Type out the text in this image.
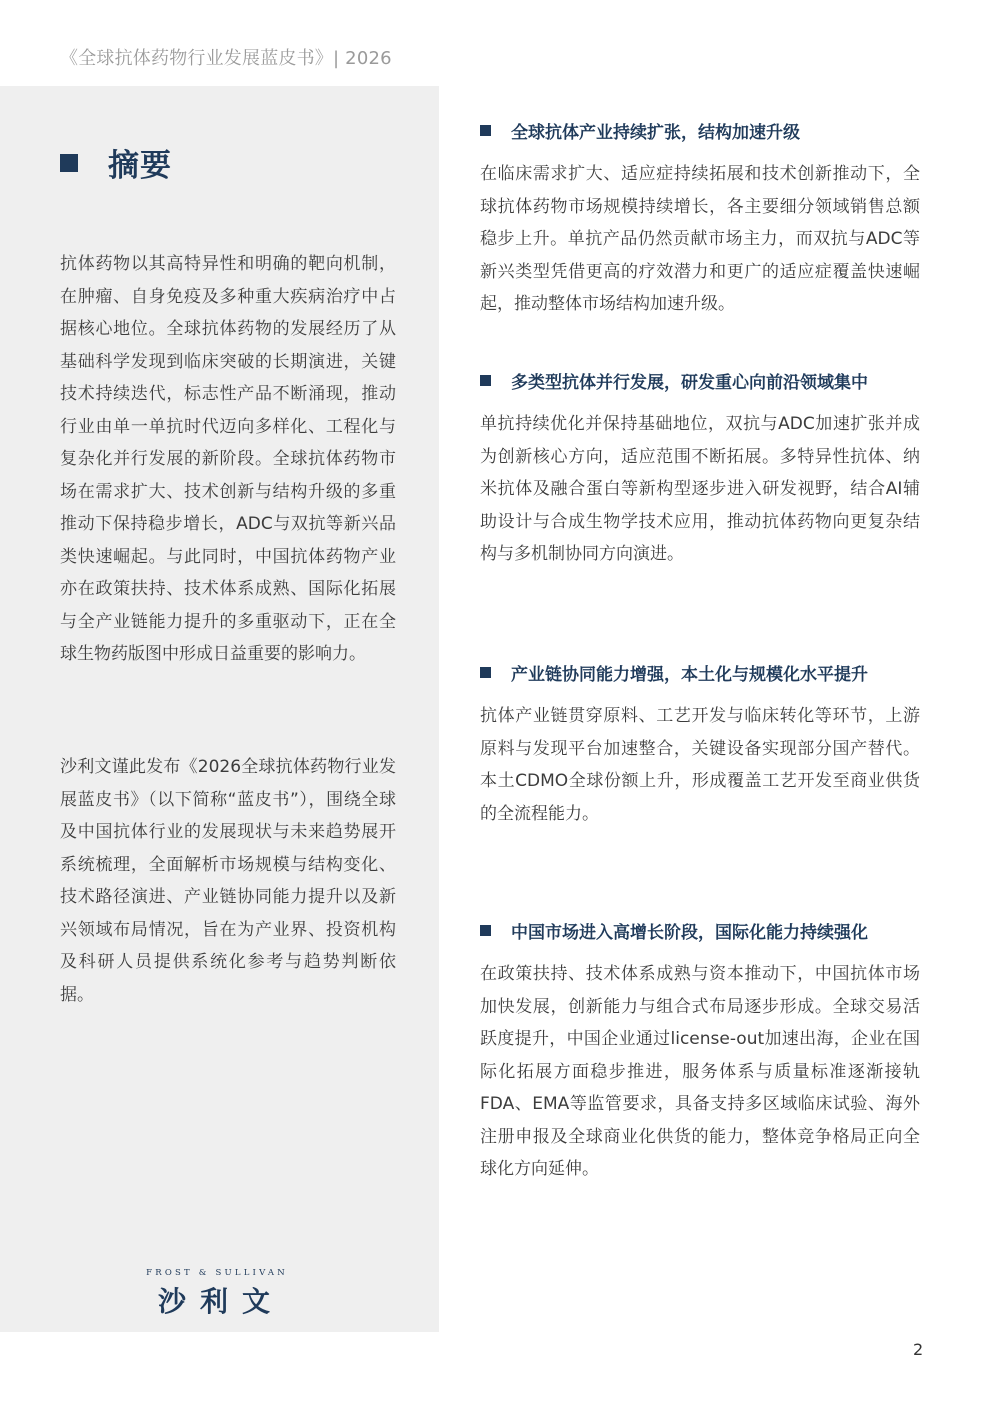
《全球抗体药物行业发展蓝皮书》| 2026
摘要
抗体药物以其高特异性和明确的靶向机制，在肿瘤、自身免疫及多种重大疾病治疗中占据核心地位。全球抗体药物的发展经历了从基础科学发现到临床突破的长期演进，关键技术持续迭代，标志性产品不断涌现，推动行业由单一单抗时代迈向多样化、工程化与复杂化并行发展的新阶段。全球抗体药物市场在需求扩大、技术创新与结构升级的多重推动下保持稳步增长，ADC与双抗等新兴品类快速崛起。与此同时，中国抗体药物产业亦在政策扶持、技术体系成熟、国际化拓展与全产业链能力提升的多重驱动下，正在全球生物药版图中形成日益重要的影响力。
沙利文谨此发布《2026全球抗体药物行业发展蓝皮书》（以下简称“蓝皮书”），围绕全球及中国抗体行业的发展现状与未来趋势展开系统梳理，全面解析市场规模与结构变化、技术路径演进、产业链协同能力提升以及新兴领域布局情况，旨在为产业界、投资机构及科研人员提供系统化参考与趋势判断依据。
FROST & SULLIVAN
沙利文
全球抗体产业持续扩张，结构加速升级
在临床需求扩大、适应症持续拓展和技术创新推动下，全球抗体药物市场规模持续增长，各主要细分领域销售总额稳步上升。单抗产品仍然贡献市场主力，而双抗与ADC等新兴类型凭借更高的疗效潜力和更广的适应症覆盖快速崛起，推动整体市场结构加速升级。
多类型抗体并行发展，研发重心向前沿领域集中
单抗持续优化并保持基础地位，双抗与ADC加速扩张并成为创新核心方向，适应范围不断拓展。多特异性抗体、纳米抗体及融合蛋白等新构型逐步进入研发视野，结合AI辅助设计与合成生物学技术应用，推动抗体药物向更复杂结构与多机制协同方向演进。
产业链协同能力增强，本土化与规模化水平提升
抗体产业链贯穿原料、工艺开发与临床转化等环节，上游原料与发现平台加速整合，关键设备实现部分国产替代。本土CDMO全球份额上升，形成覆盖工艺开发至商业供货的全流程能力。
中国市场进入高增长阶段，国际化能力持续强化
在政策扶持、技术体系成熟与资本推动下，中国抗体市场加快发展，创新能力与组合式布局逐步形成。全球交易活跃度提升，中国企业通过license-out加速出海，企业在国际化拓展方面稳步推进，服务体系与质量标准逐渐接轨FDA、EMA等监管要求，具备支持多区域临床试验、海外注册申报及全球商业化供货的能力，整体竞争格局正向全球化方向延伸。
2
